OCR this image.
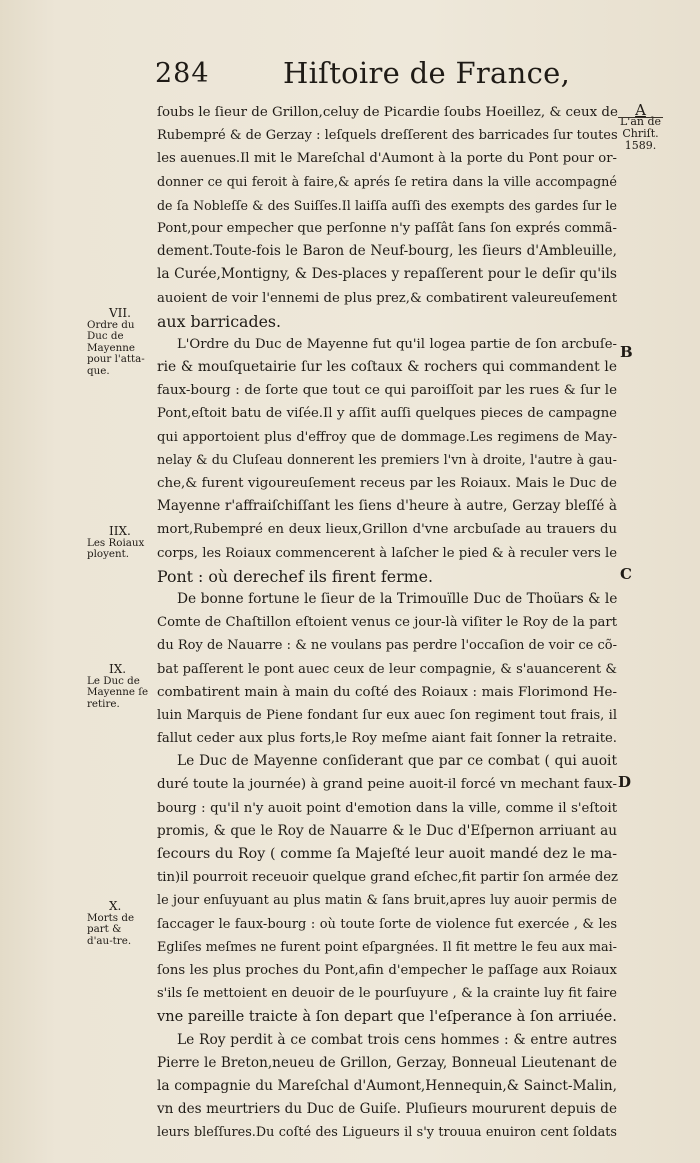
284	Hiſtoire de France,
A
L'an de Chriſt.
1589.
B
C
D
VII.
Ordre du Duc de Mayenne pour l'atta-que.
IIX.
Les Roiaux ployent.
IX.
Le Duc de Mayenne ſe retire.
X.
Morts de part & d'au-tre.
ſoubs le ſieur de Grillon,celuy de Picardie ſoubs Hoeillez, & ceux de
Rubempré & de Gerzay : leſquels dreſſerent des barricades ſur toutes
les auenues.Il mit le Mareſchal d'Aumont à la porte du Pont pour or-
donner ce qui feroit à faire,& aprés ſe retira dans la ville accompagné
de ſa Nobleſſe & des Suiſſes.Il laiſſa auſſi des exempts des gardes ſur le
Pont,pour empecher que perſonne n'y paſſât ſans ſon exprés commã-
dement.Toute-fois le Baron de Neuf-bourg, les ſieurs d'Ambleuille,
la Curée,Montigny, & Des-places y repaſſerent pour le deſir qu'ils
auoient de voir l'ennemi de plus prez,& combatirent valeureuſement
aux barricades.
L'Ordre du Duc de Mayenne fut qu'il logea partie de ſon arcbuſe-
rie & mouſquetairie ſur les coſtaux & rochers qui commandent le
faux-bourg : de ſorte que tout ce qui paroiſſoit par les rues & ſur le
Pont,eſtoit batu de viſée.Il y aſſit auſſi quelques pieces de campagne
qui apportoient plus d'effroy que de dommage.Les regimens de May-
nelay & du Cluſeau donnerent les premiers l'vn à droite, l'autre à gau-
che,& furent vigoureuſement receus par les Roiaux. Mais le Duc de
Mayenne r'affraiſchiſſant les ſiens d'heure à autre, Gerzay bleſſé à
mort,Rubempré en deux lieux,Grillon d'vne arcbuſade au trauers du
corps, les Roiaux commencerent à laſcher le pied & à reculer vers le
Pont : où derechef ils firent ferme.
De bonne fortune le ſieur de la Trimouïlle Duc de Thoüars & le
Comte de Chaſtillon eſtoient venus ce jour-là viſiter le Roy de la part
du Roy de Nauarre : & ne voulans pas perdre l'occaſion de voir ce cõ-
bat paſſerent le pont auec ceux de leur compagnie, & s'auancerent &
combatirent main à main du coſté des Roiaux : mais Florimond He-
luin Marquis de Piene fondant ſur eux auec ſon regiment tout frais, il
fallut ceder aux plus forts,le Roy meſme aiant fait ſonner la retraite.
Le Duc de Mayenne conſiderant que par ce combat ( qui auoit
duré toute la journée) à grand peine auoit-il forcé vn mechant faux-
bourg : qu'il n'y auoit point d'emotion dans la ville, comme il s'eſtoit
promis, & que le Roy de Nauarre & le Duc d'Eſpernon arriuant au
ſecours du Roy ( comme ſa Majeſté leur auoit mandé dez le ma-
tin)il pourroit receuoir quelque grand eſchec,fit partir ſon armée dez
le jour enſuyuant au plus matin & ſans bruit,apres luy auoir permis de
ſaccager le faux-bourg : où toute ſorte de violence fut exercée , & les
Egliſes meſmes ne furent point eſpargnées. Il fit mettre le feu aux mai-
ſons les plus proches du Pont,afin d'empecher le paſſage aux Roiaux
s'ils ſe mettoient en deuoir de le pourſuyure , & la crainte luy fit faire
vne pareille traicte à ſon depart que l'eſperance à ſon arriuée.
Le Roy perdit à ce combat trois cens hommes : & entre autres
Pierre le Breton,neueu de Grillon, Gerzay, Bonneual Lieutenant de
la compagnie du Mareſchal d'Aumont,Hennequin,& Sainct-Malin,
vn des meurtriers du Duc de Guiſe. Pluſieurs moururent depuis de
leurs bleſſures.Du coſté des Ligueurs il s'y trouua enuiron cent ſoldats
